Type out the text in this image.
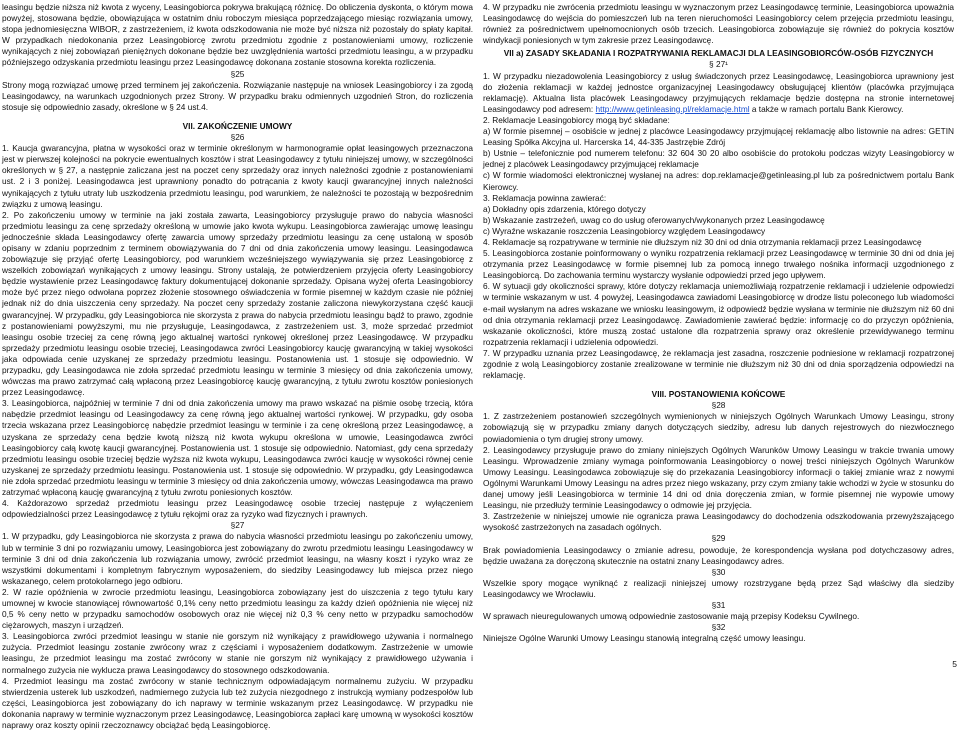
leasingu będzie niższa niż kwota z wyceny, Leasingobiorca pokrywa brakującą różnicę. Do obliczenia dyskonta, o którym mowa powyżej, stosowana będzie, obowiązująca w ostatnim dniu roboczym miesiąca poprzedzającego miesiąc rozwiązania umowy, stopa jednomiesięczna WIBOR, z zastrzeżeniem, iż kwota odszkodowania nie może być niższa niż pozostały do spłaty kapitał. W przypadkach niedokonania przez Leasingobiorcę zwrotu przedmiotu zgodnie z postanowieniami umowy, rozliczenie wynikających z niej zobowiązań pieniężnych dokonane będzie bez uwzględnienia wartości przedmiotu leasingu, a w przypadku późniejszego odzyskania przedmiotu leasingu przez Leasingodawcę dokonana zostanie stosowna korekta rozliczenia.

§25

Strony mogą rozwiązać umowę przed terminem jej zakończenia. Rozwiązanie następuje na wniosek Leasingobiorcy i za zgodą Leasingodawcy, na warunkach uzgodnionych przez Strony. W przypadku braku odmiennych uzgodnień Stron, do rozliczenia stosuje się odpowiednio zasady, określone w § 24 ust.4.

VII. ZAKOŃCZENIE UMOWY

§26

1. Kaucja gwarancyjna, płatna w wysokości oraz w terminie określonym w harmonogramie opłat leasingowych przeznaczona jest w pierwszej kolejności na pokrycie ewentualnych kosztów i strat Leasingodawcy z tytułu niniejszej umowy, w szczególności określonych w § 27, a następnie zaliczana jest na poczet ceny sprzedaży oraz innych należności zgodnie z postanowieniami ust. 2 i 3 poniżej. Leasingodawca jest uprawniony ponadto do potrącania z kwoty kaucji gwarancyjnej innych należności wynikających z tytułu utraty lub uszkodzenia przedmiotu leasingu, pod warunkiem, że należności te pozostają w bezpośrednim związku z umową leasingu.

2. Po zakończeniu umowy w terminie na jaki została zawarta, Leasingobiorcy przysługuje prawo do nabycia własności przedmiotu leasingu za cenę sprzedaży określoną w umowie jako kwota wykupu. Leasingobiorca zawierając umowę leasingu jednocześnie składa Leasingodawcy ofertę zawarcia umowy sprzedaży przedmiotu leasingu za cenę ustaloną w sposób opisany w zdaniu poprzednim z terminem obowiązywania do 7 dni od dnia zakończenia umowy leasingu. Leasingodawca zobowiązuje się przyjąć ofertę Leasingobiorcy, pod warunkiem wcześniejszego wywiązywania się przez Leasingobiorcę z wszelkich zobowiązań wynikających z umowy leasingu. Strony ustalają, że potwierdzeniem przyjęcia oferty Leasingobiorcy będzie wystawienie przez Leasingodawcę faktury dokumentującej dokonanie sprzedaży. Opisana wyżej oferta Leasingobiorcy może być przez niego odwołana poprzez złożenie stosownego oświadczenia w formie pisemnej w każdym czasie nie później jednak niż do dnia uiszczenia ceny sprzedaży. Na poczet ceny sprzedaży zostanie zaliczona niewykorzystana część kaucji gwarancyjnej. W przypadku, gdy Leasingobiorca nie skorzysta z prawa do nabycia przedmiotu leasingu bądź to prawo, zgodnie z postanowieniami powyższymi, mu nie przysługuje, Leasingodawca, z zastrzeżeniem ust. 3, może sprzedać przedmiot leasingu osobie trzeciej za cenę równą jego aktualnej wartości rynkowej określonej przez Leasingodawcę. W przypadku sprzedaży przedmiotu leasingu osobie trzeciej, Leasingodawca zwróci Leasingobiorcy kaucję gwarancyjną w takiej wysokości jaka odpowiada cenie uzyskanej ze sprzedaży przedmiotu leasingu. Postanowienia ust. 1 stosuje się odpowiednio. W przypadku, gdy Leasingodawca nie zdoła sprzedać przedmiotu leasingu w terminie 3 miesięcy od dnia zakończenia umowy, wówczas ma prawo zatrzymać całą wpłaconą przez Leasingobiorcę kaucję gwarancyjną, z tytułu zwrotu kosztów poniesionych przez Leasingodawcę.

3. Leasingobiorca, najpóźniej w terminie 7 dni od dnia zakończenia umowy ma prawo wskazać na piśmie osobę trzecią, która nabędzie przedmiot leasingu od Leasingodawcy za cenę równą jego aktualnej wartości rynkowej. W przypadku, gdy osoba trzecia wskazana przez Leasingobiorcę nabędzie przedmiot leasingu w terminie i za cenę określoną przez Leasingodawcę, a uzyskana ze sprzedaży cena będzie kwotą niższą niż kwota wykupu określona w umowie, Leasingodawca zwróci Leasingobiorcy całą kwotę kaucji gwarancyjnej. Postanowienia ust. 1 stosuje się odpowiednio. Natomiast, gdy cena sprzedaży przedmiotu leasingu osobie trzeciej będzie wyższa niż kwota wykupu, Leasingodawca zwróci kaucję w wysokości równej cenie uzyskanej ze sprzedaży przedmiotu leasingu. Postanowienia ust. 1 stosuje się odpowiednio. W przypadku, gdy Leasingodawca nie zdoła sprzedać przedmiotu leasingu w terminie 3 miesięcy od dnia zakończenia umowy, wówczas Leasingodawca ma prawo zatrzymać wpłaconą kaucję gwarancyjną z tytułu zwrotu poniesionych kosztów.

4. Każdorazowo sprzedaż przedmiotu leasingu przez Leasingodawcę osobie trzeciej następuje z wyłączeniem odpowiedzialności przez Leasingodawcę z tytułu rękojmi oraz za ryzyko wad fizycznych i prawnych.

§27

1. W przypadku, gdy Leasingobiorca nie skorzysta z prawa do nabycia własności przedmiotu leasingu po zakończeniu umowy, lub w terminie 3 dni po rozwiązaniu umowy, Leasingobiorca jest zobowiązany do zwrotu przedmiotu leasingu Leasingodawcy w terminie 3 dni od dnia zakończenia lub rozwiązania umowy, zwrócić przedmiot leasingu, na własny koszt i ryzyko wraz ze wszystkimi dokumentami i kompletnym fabrycznym wyposażeniem, do siedziby Leasingodawcy lub miejsca przez niego wskazanego, celem protokolarnego jego odbioru.

2. W razie opóźnienia w zwrocie przedmiotu leasingu, Leasingobiorca zobowiązany jest do uiszczenia z tego tytułu kary umownej w kwocie stanowiącej równowartość 0,1% ceny netto przedmiotu leasingu za każdy dzień opóźnienia nie więcej niż 0,5 % ceny netto w przypadku samochodów osobowych oraz nie więcej niż 0,3 % ceny netto w przypadku samochodów ciężarowych, maszyn i urządzeń.

3. Leasingobiorca zwróci przedmiot leasingu w stanie nie gorszym niż wynikający z prawidłowego używania i normalnego zużycia. Przedmiot leasingu zostanie zwrócony wraz z częściami i wyposażeniem dodatkowym. Zastrzeżenie w umowie leasingu, że przedmiot leasingu ma zostać zwrócony w stanie nie gorszym niż wynikający z prawidłowego używania i normalnego zużycia nie wyklucza prawa Leasingodawcy do stosownego odszkodowania.

4. Przedmiot leasingu ma zostać zwrócony w stanie technicznym odpowiadającym normalnemu zużyciu. W przypadku stwierdzenia usterek lub uszkodzeń, nadmiernego zużycia lub też zużycia niezgodnego z instrukcją wymiany podzespołów lub części, Leasingobiorca jest zobowiązany do ich naprawy w terminie wskazanym przez Leasingodawcę. W przypadku nie dokonania naprawy w terminie wyznaczonym przez Leasingodawcę, Leasingobiorca zapłaci karę umowną w wysokości kosztów naprawy oraz koszty opinii rzeczoznawcy obciążać będą Leasingobiorcę.

4. W przypadku nie zwrócenia przedmiotu leasingu w wyznaczonym przez Leasingodawcę terminie, Leasingobiorca upoważnia Leasingodawcę do wejścia do pomieszczeń lub na teren nieruchomości Leasingobiorcy celem przejęcia przedmiotu leasingu, również za pośrednictwem upełnomocnionych osób trzecich. Leasingobiorca zobowiązuje się również do pokrycia kosztów windykacji poniesionych w tym zakresie przez Leasingodawcę.

VII a) ZASADY SKŁADANIA I ROZPATRYWANIA REKLAMACJI DLA LEASINGOBIORCÓW-OSÓB FIZYCZNYCH

§ 27¹

1. W przypadku niezadowolenia Leasingobiorcy z usług świadczonych przez Leasingodawcę, Leasingobiorca uprawniony jest do złożenia reklamacji w każdej jednostce organizacyjnej Leasingodawcy obsługującej klientów (placówka przyjmująca reklamację). Aktualna lista placówek Leasingodawcy przyjmujących reklamacje będzie dostępna na stronie internetowej Leasingodawcy pod adresem: http://www.getinleasing.pl/reklamacje.html a także w ramach portalu Bank Kierowcy.

2. Reklamacje Leasingobiorcy mogą być składane:

a) W formie pisemnej – osobiście w jednej z placówce Leasingodawcy przyjmującej reklamację albo listownie na adres: GETIN Leasing Spółka Akcyjna ul. Harcerska 14, 44-335 Jastrzębie Zdrój

b) Ustnie – telefonicznie pod numerem telefonu: 32 604 30 20 albo osobiście do protokołu podczas wizyty Leasingobiorcy w jednej z placówek Leasingodawcy przyjmującej reklamacje

c) W formie wiadomości elektronicznej wysłanej na adres: dop.reklamacje@getinleasing.pl lub za pośrednictwem portalu Bank Kierowcy.

3. Reklamacja powinna zawierać:

a) Dokładny opis zdarzenia, którego dotyczy

b) Wskazanie zastrzeżeń, uwag co do usług oferowanych/wykonanych przez Leasingodawcę

c) Wyraźne wskazanie roszczenia Leasingobiorcy względem Leasingodawcy

4. Reklamacje są rozpatrywane w terminie nie dłuższym niż 30 dni od dnia otrzymania reklamacji przez Leasingodawcę

5. Leasingobiorca zostanie poinformowany o wyniku rozpatrzenia reklamacji przez Leasingodawcę w terminie 30 dni od dnia jej otrzymania przez Leasingodawcę w formie pisemnej lub za pomocą innego trwałego nośnika informacji uzgodnionego z Leasingobiorcą. Do zachowania terminu wystarczy wysłanie odpowiedzi przed jego upływem.

6. W sytuacji gdy okoliczności sprawy, które dotyczy reklamacja uniemożliwiają rozpatrzenie reklamacji i udzielenie odpowiedzi w terminie wskazanym w ust. 4 powyżej, Leasingodawca zawiadomi Leasingobiorcę w drodze listu poleconego lub wiadomości e-mail wysłanym na adres wskazane we wniosku leasingowym, iż odpowiedź będzie wysłana w terminie nie dłuższym niż 60 dni od dnia otrzymania reklamacji przez Leasingodawcę. Zawiadomienie zawierać będzie: informację co do przyczyn opóźnienia, wskazanie okoliczności, które muszą zostać ustalone dla rozpatrzenia sprawy oraz określenie przewidywanego terminu rozpatrzenia reklamacji i udzielenia odpowiedzi.

7. W przypadku uznania przez Leasingodawcę, że reklamacja jest zasadna, roszczenie podniesione w reklamacji rozpatrzonej zgodnie z wolą Leasingobiorcy zostanie zrealizowane w terminie nie dłuższym niż 30 dni od dnia sporządzenia odpowiedzi na reklamację.

VIII. POSTANOWIENIA KOŃCOWE

§28

1. Z zastrzeżeniem postanowień szczególnych wymienionych w niniejszych Ogólnych Warunkach Umowy Leasingu, strony zobowiązują się w przypadku zmiany danych dotyczących siedziby, adresu lub danych rejestrowych do niezwłocznego powiadomienia o tym drugiej strony umowy.

2. Leasingodawcy przysługuje prawo do zmiany niniejszych Ogólnych Warunków Umowy Leasingu w trakcie trwania umowy Leasingu. Wprowadzenie zmiany wymaga poinformowania Leasingobiorcy o nowej treści niniejszych Ogólnych Warunków Umowy Leasingu. Leasingodawca zobowiązuje się do przekazania Leasingobiorcy informacji o takiej zmianie wraz z nowymi Ogólnymi Warunkami Umowy Leasingu na adres przez niego wskazany, przy czym zmiany takie wchodzi w życie w stosunku do danej umowy jeśli Leasingobiorca w terminie 14 dni od dnia doręczenia zmian, w formie pisemnej nie wypowie umowy Leasingu, nie przedłuży terminie Leasingodawcy o odmowie jej przyjęcia.

3. Zastrzeżenie w niniejszej umowie nie ogranicza prawa Leasingodawcy do dochodzenia odszkodowania przewyższającego wysokość zastrzeżonych na zasadach ogólnych.

§29

Brak powiadomienia Leasingodawcy o zmianie adresu, powoduje, że korespondencja wysłana pod dotychczasowy adres, będzie uważana za doręczoną skutecznie na ostatni znany Leasingodawcy adres.

§30

Wszelkie spory mogące wyniknąć z realizacji niniejszej umowy rozstrzygane będą przez Sąd właściwy dla siedziby Leasingodawcy we Wrocławiu.

§31

W sprawach nieuregulowanych umową odpowiednie zastosowanie mają przepisy Kodeksu Cywilnego.

§32

Niniejsze Ogólne Warunki Umowy Leasingu stanowią integralną część umowy leasingu.

5
